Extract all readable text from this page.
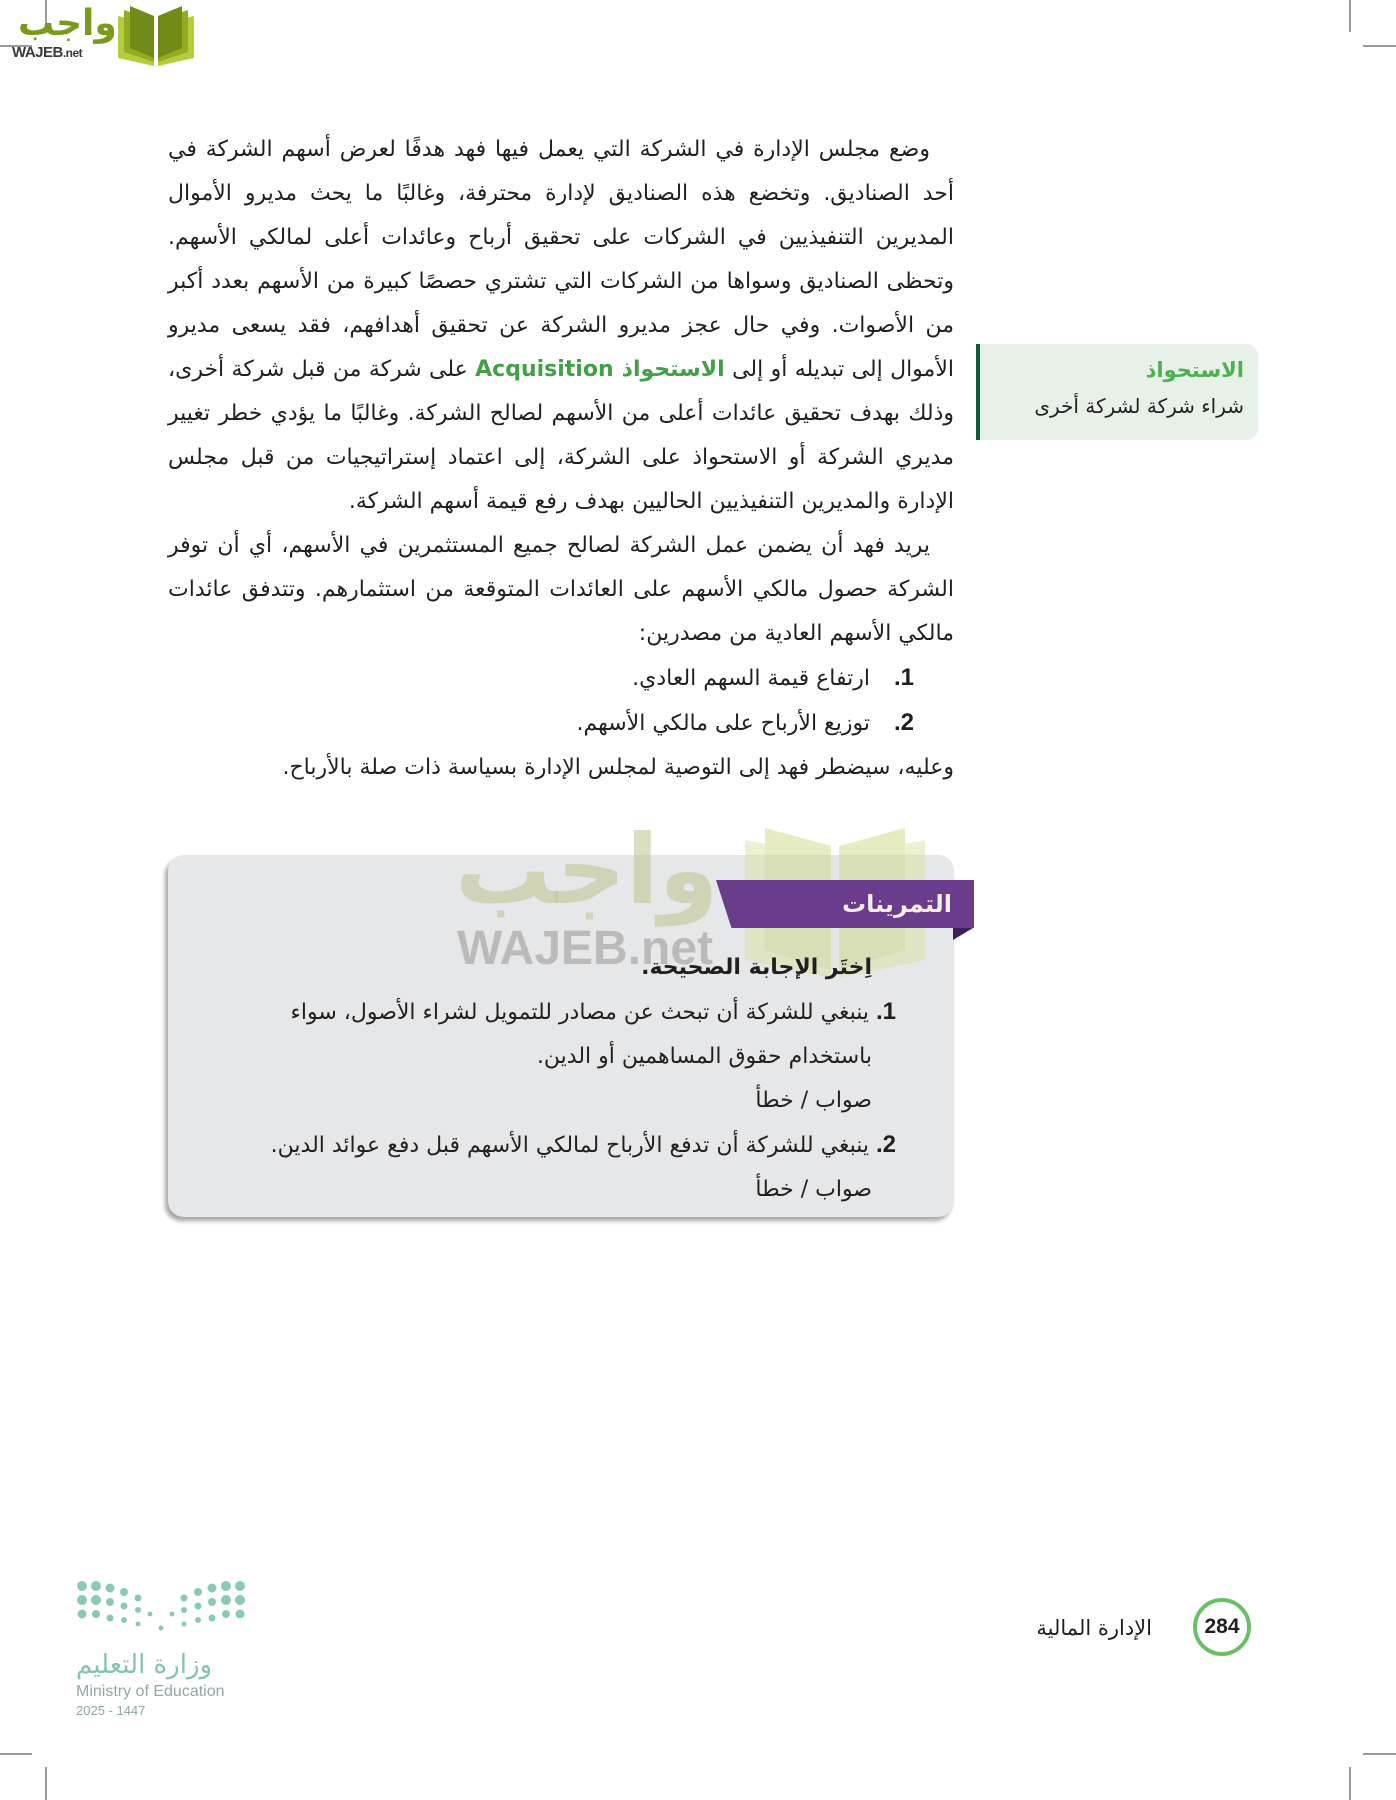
واجب
WAJEB.net

وضع مجلس الإدارة في الشركة التي يعمل فيها فهد هدفًا لعرض أسهم الشركة في أحد الصناديق. وتخضع هذه الصناديق لإدارة محترفة، وغالبًا ما يحث مديرو الأموال المديرين التنفيذيين في الشركات على تحقيق أرباح وعائدات أعلى لمالكي الأسهم. وتحظى الصناديق وسواها من الشركات التي تشتري حصصًا كبيرة من الأسهم بعدد أكبر من الأصوات. وفي حال عجز مديرو الشركة عن تحقيق أهدافهم، فقد يسعى مديرو الأموال إلى تبديله أو إلى الاستحواذ Acquisition على شركة من قبل شركة أخرى، وذلك بهدف تحقيق عائدات أعلى من الأسهم لصالح الشركة. وغالبًا ما يؤدي خطر تغيير مديري الشركة أو الاستحواذ على الشركة، إلى اعتماد إستراتيجيات من قبل مجلس الإدارة والمديرين التنفيذيين الحاليين بهدف رفع قيمة أسهم الشركة.

يريد فهد أن يضمن عمل الشركة لصالح جميع المستثمرين في الأسهم، أي أن توفر الشركة حصول مالكي الأسهم على العائدات المتوقعة من استثمارهم. وتتدفق عائدات مالكي الأسهم العادية من مصدرين:

1.ارتفاع قيمة السهم العادي.
2.توزيع الأرباح على مالكي الأسهم.

وعليه، سيضطر فهد إلى التوصية لمجلس الإدارة بسياسة ذات صلة بالأرباح.

الاستحواذ
شراء شركة لشركة أخرى
واجب
WAJEB.net
التمرينات

اِختَر الإجابة الصحيحة.

1. ينبغي للشركة أن تبحث عن مصادر للتمويل لشراء الأصول، سواء
باستخدام حقوق المساهمين أو الدين.

صواب / خطأ

2. ينبغي للشركة أن تدفع الأرباح لمالكي الأسهم قبل دفع عوائد الدين.

صواب / خطأ

وزارة التعليم
Ministry of Education
2025 - 1447
الإدارة المالية	284
